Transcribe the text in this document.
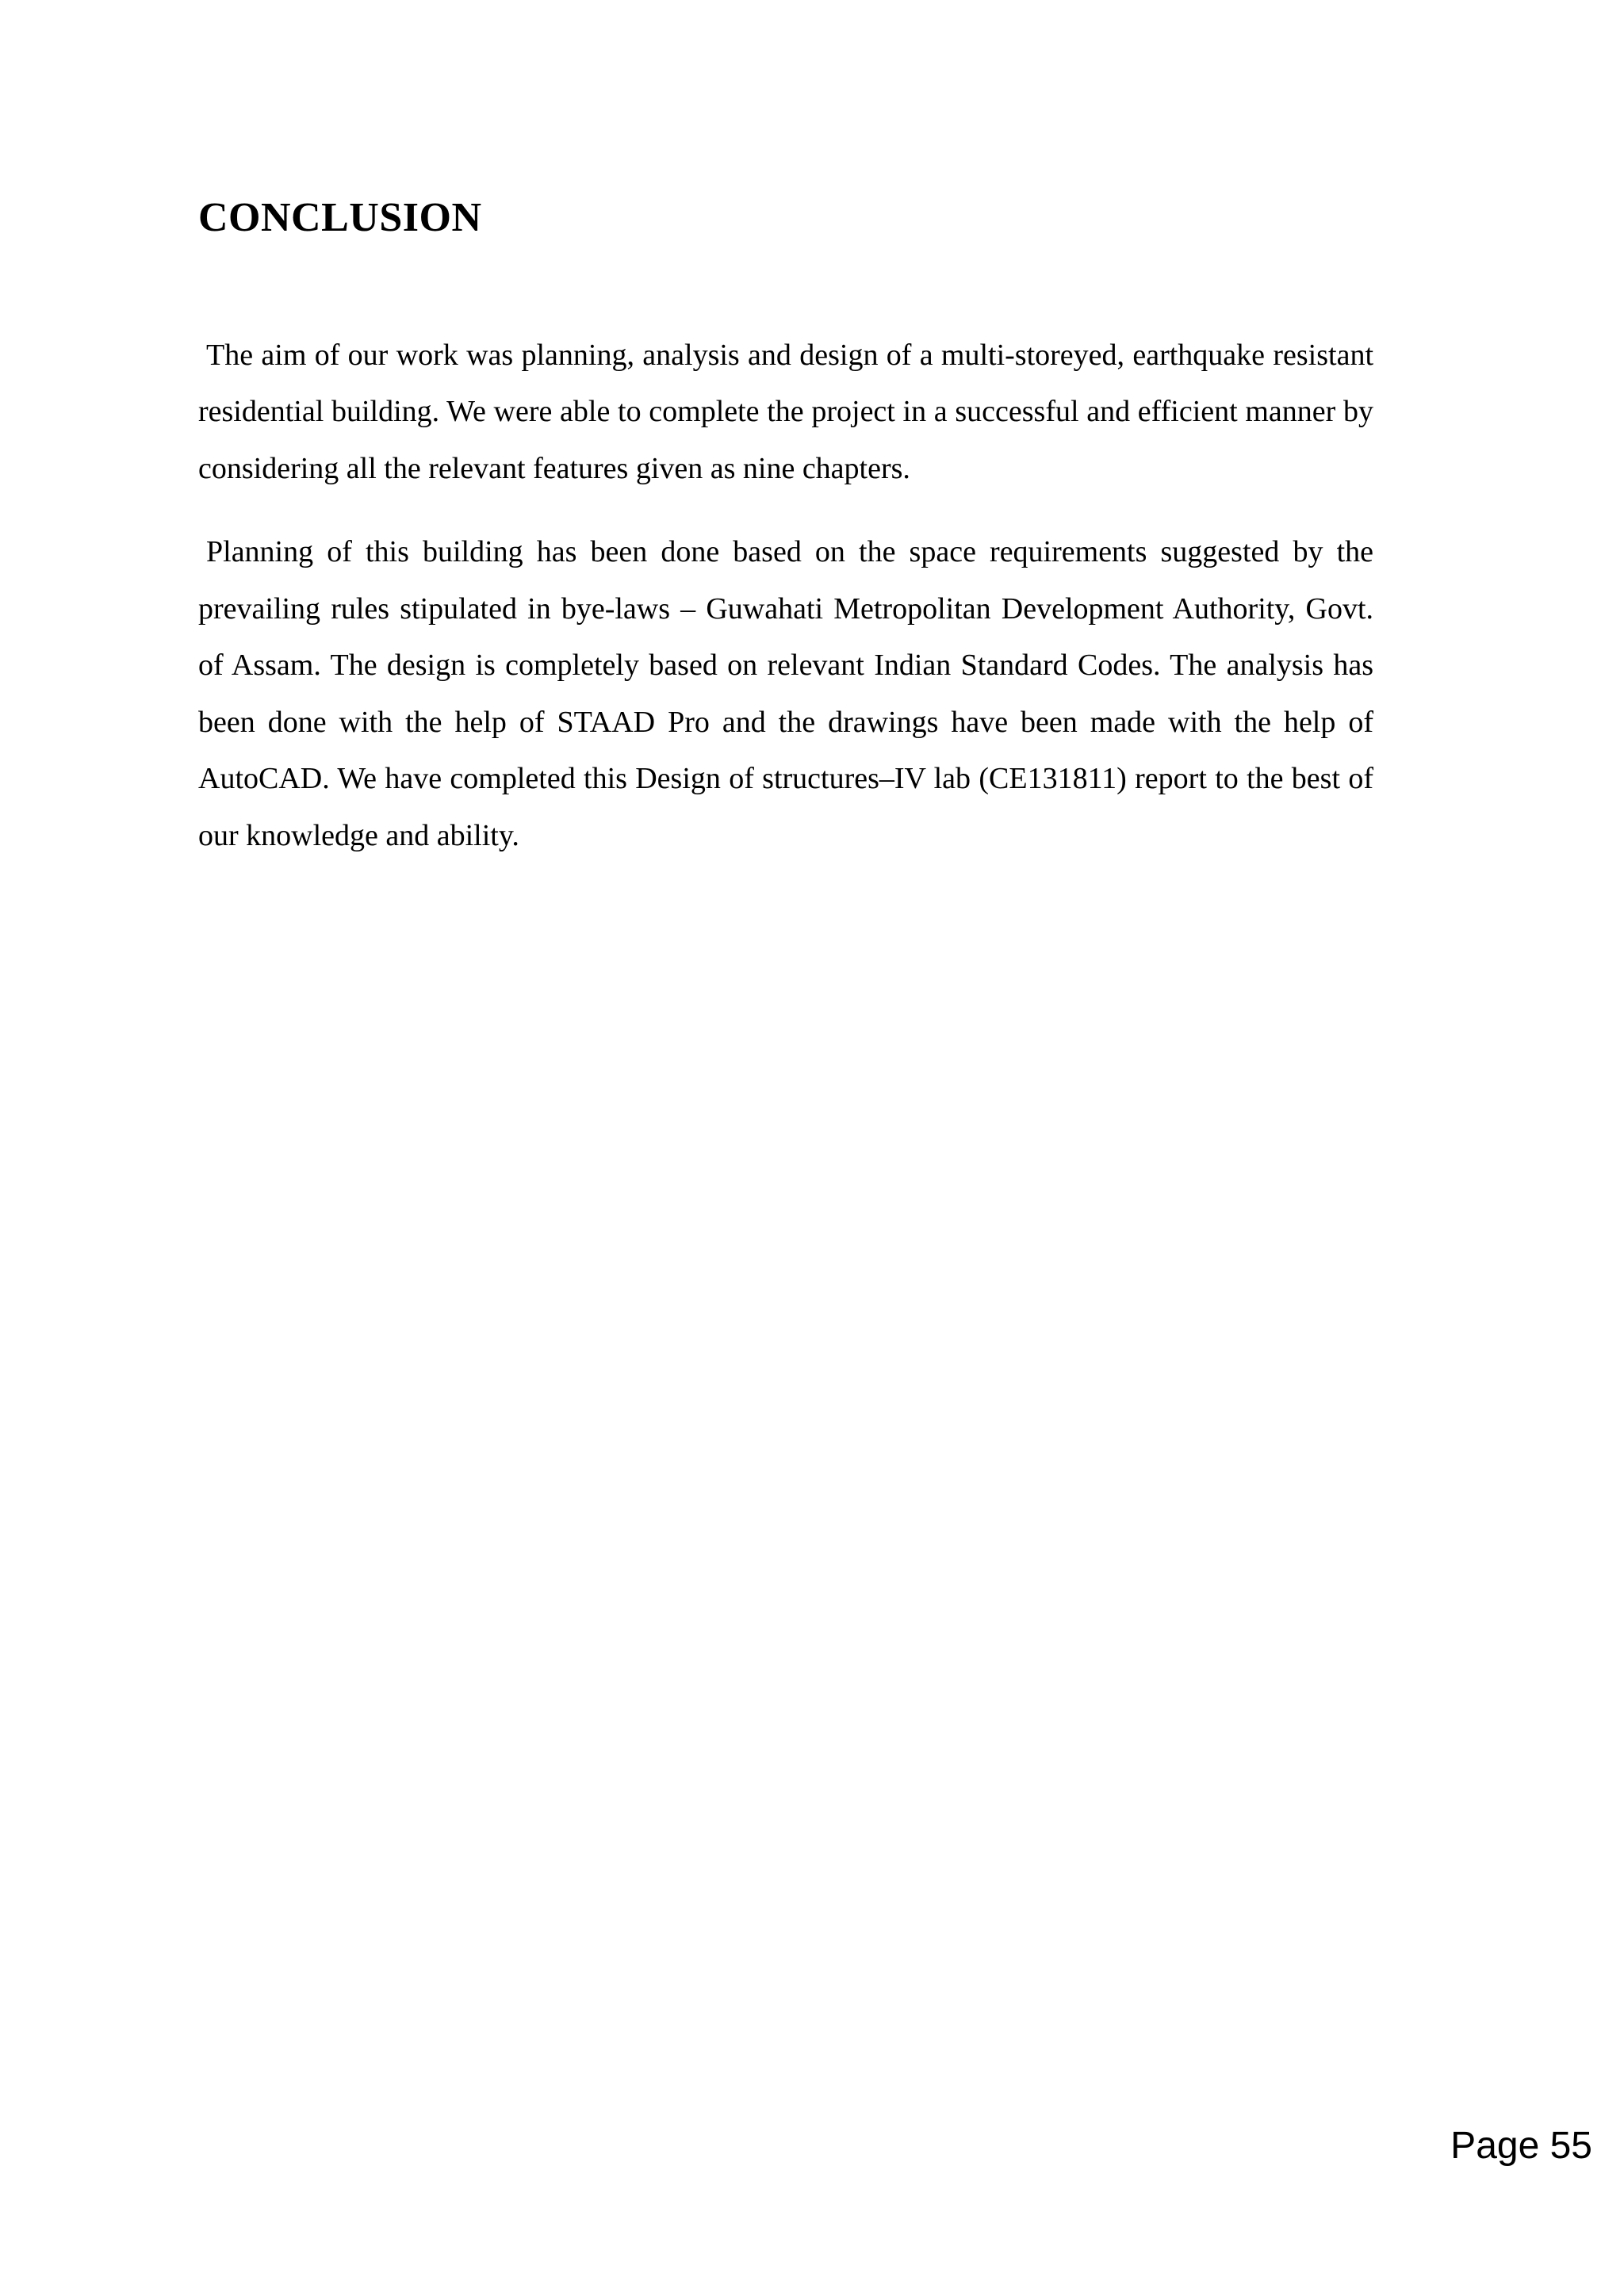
CONCLUSION

The aim of our work was planning, analysis and design of a multi-storeyed, earthquake resistant residential building. We were able to complete the project in a successful and efficient manner by considering all the relevant features given as nine chapters.

Planning of this building has been done based on the space requirements suggested by the prevailing rules stipulated in bye-laws – Guwahati Metropolitan Development Authority, Govt. of Assam. The design is completely based on relevant Indian Standard Codes. The analysis has been done with the help of STAAD Pro and the drawings have been made with the help of AutoCAD. We have completed this Design of structures–IV lab (CE131811) report to the best of our knowledge and ability.

Page 55
